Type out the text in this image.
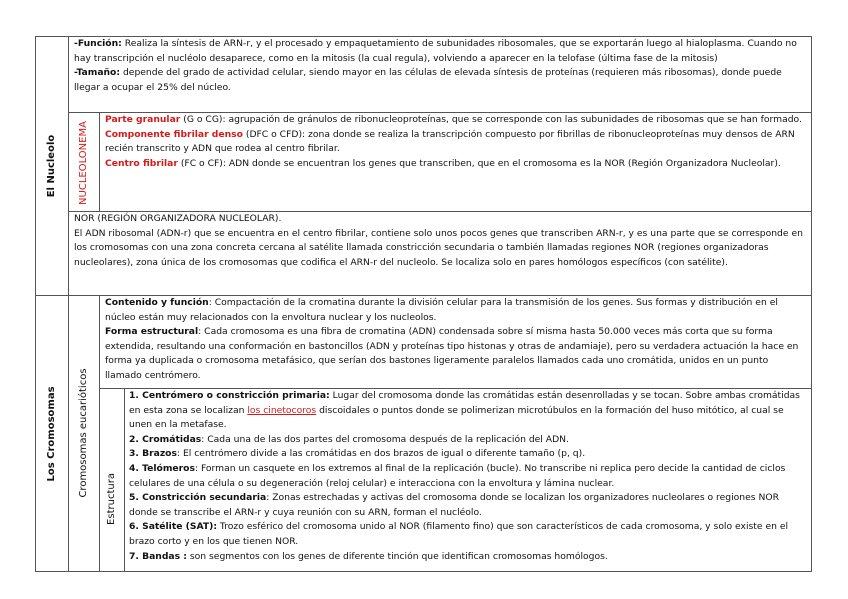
El Nucleolo NUCLEOLONEMA
Los Cromosomas Cromosomas eucarióticos
Estructura

-Función: Realiza la síntesis de ARN-r, y el procesado y empaquetamiento de subunidades ribosomales, que se exportarán luego al hialoplasma. Cuando no hay transcripción el nucléolo desaparece, como en la mitosis (la cual regula), volviendo a aparecer en la telofase (última fase de la mitosis)

-Tamaño: depende del grado de actividad celular, siendo mayor en las células de elevada síntesis de proteínas (requieren más ribosomas), donde puede llegar a ocupar el 25% del núcleo.

Parte granular (G o CG): agrupación de gránulos de ribonucleoproteínas, que se corresponde con las subunidades de ribosomas que se han formado.

Componente fibrilar denso (DFC o CFD): zona donde se realiza la transcripción compuesto por fibrillas de ribonucleoproteínas muy densos de ARN recién transcrito y ADN que rodea al centro fibrilar.

Centro fibrilar (FC o CF): ADN donde se encuentran los genes que transcriben, que en el cromosoma es la NOR (Región Organizadora Nucleolar).

NOR (REGIÓN ORGANIZADORA NUCLEOLAR).

El ADN ribosomal (ADN-r) que se encuentra en el centro fibrilar, contiene solo unos pocos genes que transcriben ARN-r, y es una parte que se corresponde en los cromosomas con una zona concreta cercana al satélite llamada constricción secundaria o también llamadas regiones NOR (regiones organizadoras nucleolares), zona única de los cromosomas que codifica el ARN-r del nucleolo. Se localiza solo en pares homólogos específicos (con satélite).

Contenido y función: Compactación de la cromatina durante la división celular para la transmisión de los genes. Sus formas y distribución en el núcleo están muy relacionados con la envoltura nuclear y los nucleolos.

Forma estructural: Cada cromosoma es una fibra de cromatina (ADN) condensada sobre sí misma hasta 50.000 veces más corta que su forma extendida, resultando una conformación en bastoncillos (ADN y proteínas tipo histonas y otras de andamiaje), pero su verdadera actuación la hace en forma ya duplicada o cromosoma metafásico, que serían dos bastones ligeramente paralelos llamados cada uno cromátida, unidos en un punto llamado centrómero.

1. Centrómero o constricción primaria: Lugar del cromosoma donde las cromátidas están desenrolladas y se tocan. Sobre ambas cromátidas en esta zona se localizan los cinetocoros discoidales o puntos donde se polimerizan microtúbulos en la formación del huso mitótico, al cual se unen en la metafase.

2. Cromátidas: Cada una de las dos partes del cromosoma después de la replicación del ADN.

3. Brazos: El centrómero divide a las cromátidas en dos brazos de igual o diferente tamaño (p, q).

4. Telómeros: Forman un casquete en los extremos al final de la replicación (bucle). No transcribe ni replica pero decide la cantidad de ciclos celulares de una célula o su degeneración (reloj celular) e interacciona con la envoltura y lámina nuclear.

5. Constricción secundaria: Zonas estrechadas y activas del cromosoma donde se localizan los organizadores nucleolares o regiones NOR donde se transcribe el ARN-r y cuya reunión con su ARN, forman el nucléolo.

6. Satélite (SAT): Trozo esférico del cromosoma unido al NOR (filamento fino) que son característicos de cada cromosoma, y solo existe en el brazo corto y en los que tienen NOR.

7. Bandas : son segmentos con los genes de diferente tinción que identifican cromosomas homólogos.
